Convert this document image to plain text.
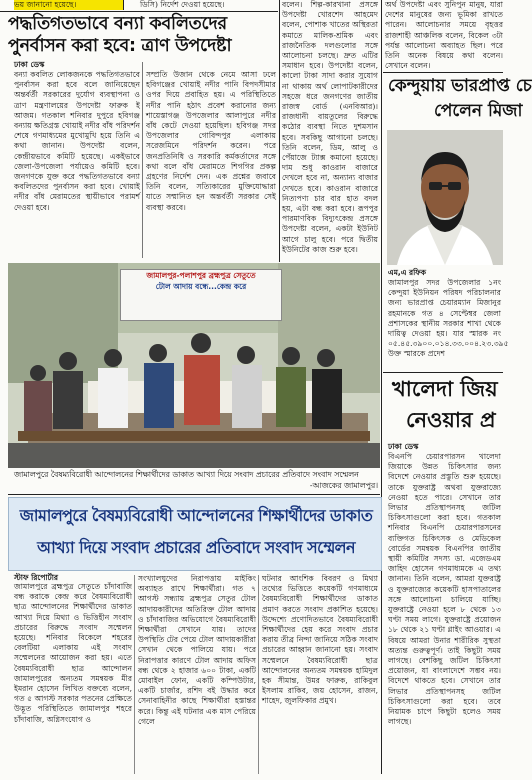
ভয় জানানো হয়েছে।	ডিসি) নির্দেশ দেওয়া হয়েছে।
পদ্ধতিগতভাবে বন্যা কবলিতদের
পুনর্বাসন করা হবে: ত্রাণ উপদেষ্টা
ঢাকা ডেস্ক
বন্যা কবলিত লোকজনকে পদ্ধতিগতভাবে পুনর্বাসন করা হবে বলে জানিয়েছেন অন্তর্বর্তী সরকারের দুর্যোগ ব্যবস্থাপনা ও ত্রাণ মন্ত্রণালয়ের উপদেষ্টা ফারুক ই আজম। গতকাল শনিবার দুপুরে হবিগঞ্জ বন্যায় ক্ষতিগ্রস্ত খোয়াই নদীর বাঁধ পরিদর্শন শেষে গণমাধ্যমের মুখোমুখি হয়ে তিনি এ কথা জানান। উপদেষ্টা বলেন, কেন্দ্রীয়ভাবে কমিটি হয়েছে। একইভাবে জেলা-উপজেলা পর্যায়েও কমিটি হবে। জনগণকে যুক্ত করে পদ্ধতিগতভাবে বন্যা কবলিতদের পুনর্বাসন করা হবে। খোয়াই নদীর বাঁধ মেরামতের স্থায়ীভাবে পরামর্শ দেওয়া হবে।
সম্প্রতি উজান থেকে নেমে আসা ঢলে হবিগঞ্জের খোয়াই নদীর পানি বিপদসীমার ওপর দিয়ে প্রবাহিত হয়। এ পরিস্থিতিতে নদীর পানি হঠাৎ প্রবেশ করানোর জন্য শায়েস্তাগঞ্জ উপজেলার আলাপুরে নদীর বাঁধ কেটে দেওয়া হয়েছিল। হবিগঞ্জ সদর উপজেলার গোবিন্দপুর এলাকায় সরেজমিনে পরিদর্শন করেন। পরে জনপ্রতিনিধি ও সরকারি কর্মকর্তাদের সঙ্গে কথা বলে বাঁধ মেরামতে শিগগির প্রকল্প গ্রহণের নির্দেশ দেন। এক প্রশ্নের জবাবে তিনি বলেন, সত্যিকারের মুক্তিযোদ্ধারা যাতে সম্মানিত হন অন্তর্বর্তী সরকার সেই ব্যবস্থা করবে।
বলেন। শিল্প-কারখানা প্রসঙ্গে উপদেষ্টা খোরশেদ আহমেদ বলেন, পোশাক খাতের অস্থিরতা কমাতে মালিক-শ্রমিক এবং রাজনৈতিক দলগুলোর সঙ্গে আলোচনা চলছে। দ্রুত এটির সমাধান হবে। উপদেষ্টা বলেন, কালো টাকা সাদা করার সুযোগ না থাকায় অর্থ লোপাটকারীদের সহজে ধরে জনগণের জাতীয় রাজস্ব বোর্ড (এনবিআর)। রাজধানী বায়তুলের বিরুদ্ধে কঠোর ব্যবস্থা নিতে দুশমসান হবে। সবকিছু আগানো চলছে। তিনি বলেন, ডিম, আলু ও পেঁয়াজে ট্যাক্স কমানো হয়েছে। দাম শুধু কাওরান বাজারে দেখলে হবে না, অন্যান্য বাজার দেখতে হবে। কাওরান বাজারে নিত্যপণ্য চার বার হাত বদল হয়, এটা বন্ধ করা হবে। রূপপুর পারমাণবিক বিদ্যুৎকেন্দ্র প্রসঙ্গে উপদেষ্টা বলেন, একটা ইউনিট আগে চালু হবে। পরে দ্বিতীয় ইউনিটের কাজ শুরু হবে।
অর্থ উপদেষ্টা এবং সুনিপুন মানুষ, যারা দেশের মানুষের জন্য ভূমিকা রাখতে পারেন। আলোচনার সময়ে বৃহত্তর রাজশাহী আঞ্চলিক বলেন, বিকেল ৩টা পর্যন্ত আলোচনা অব্যাহত ছিল। পরে তিনি অনেক বিষয়ে কথা বলেন। সেখানে বলেন।
কেন্দুয়ায় ভারপ্রাপ্ত চে
পেলেন মিজা
এম,এ রফিক
জামালপুর সদর উপজেলার ১নং কেন্দুয়া ইউনিয়ন পরিষদ পরিচালনার জন্য ভারপ্রাপ্ত চেয়ারম্যান মিজানুর রহমানকে গত ৪ সেপ্টেম্বর জেলা প্রশাসকের স্থানীয় সরকার শাখা থেকে দায়িত্ব দেওয়া হয়। যার স্মারক নং ০৫.৪৫.৩৯০০.০১৪.৩৩.০০৪.২৩.৩৯৫ উক্ত স্মারকে প্রদেশ
খালেদা জিয়
নেওয়ার প্র
ঢাকা ডেস্ক
বিএনপি চেয়ারপারসন খালেদা জিয়াকে উন্নত চিকিৎসার জন্য বিদেশে নেওয়ার প্রস্তুতি শুরু হয়েছে। তাকে যুক্তরাষ্ট্র অথবা যুক্তরাজ্যে নেওয়া হতে পারে। সেখানে তার লিভার প্রতিস্থাপনসহ জটিল চিকিৎসাগুলো করা হবে। গতকাল শনিবার বিএনপি চেয়ারপারসনের ব্যক্তিগত চিকিৎসক ও মেডিকেল বোর্ডের সমন্বয়ক বিএনপির জাতীয় স্থায়ী কমিটির সদস্য ডা. এজেডএম জাহিদ হোসেন গণমাধ্যমকে এ তথ্য জানান। তিনি বলেন, আমরা যুক্তরাষ্ট্র ও যুক্তরাজ্যের কয়েকটি হাসপাতালের সঙ্গে আলোচনা চালিয়ে যাচ্ছি। যুক্তরাষ্ট্রে নেওয়া হলে ৮ থেকে ১৩ ঘণ্টা সময় লাগে। যুক্তরাষ্ট্রে প্রয়োজন ১৮ থেকে ২১ ঘণ্টা গ্লাইং আওয়ার। এ বিষয়ে আমরা উনার শারীরিক সুস্থতা অত্যন্ত গুরুত্বপূর্ণ। তাই কিছুটা সময় লাগছে। বেশকিছু জটিল চিকিৎসা প্রয়োজন, যা বাংলাদেশে সম্ভব নয়। বিদেশে থাকতে হবে। সেখানে তার লিভার প্রতিস্থাপনসহ জটিল চিকিৎসাগুলো করা হবে। তবে নিয়ামক চাপে কিছুটা হলেও সময় লাগছে।
জামালপুর-পলাশপুর ব্রহ্মপুত্র সেতুতে
টোল আদায় বন্ধে...কেন্দ্র করে
জামালপুরে বৈষম্যবিরোধী আন্দোলনের শিক্ষার্থীদের ডাকাত আখ্যা দিয়ে সংবাদ প্রচারের প্রতিবাদে সংবাদ সম্মেলন
-আজকের জামালপুর।
জামালপুরে বৈষম্যবিরোধী আন্দোলনের শিক্ষার্থীদের ডাকাত
আখ্যা দিয়ে সংবাদ প্রচারের প্রতিবাদে সংবাদ সম্মেলন
স্টাফ রিপোর্টার
জামালপুরে ব্রহ্মপুত্র সেতুতে চাঁদাবাজি বন্ধ করাকে কেন্দ্র করে বৈষম্যবিরোধী ছাত্র আন্দোলনের শিক্ষার্থীদের ডাকাত আখ্যা দিয়ে মিথ্যা ও ভিত্তিহীন সংবাদ প্রচারের বিরুদ্ধে সংবাদ সম্মেলন হয়েছে। শনিবার বিকেলে শহরের বেলটিয়া এলাকায় এই সংবাদ সম্মেলনের আয়োজন করা হয়। এতে বৈষম্যবিরোধী ছাত্র আন্দোলন জামালপুরের অন্যতম সমন্বয়ক মীর ইমরান হোসেন লিখিত বক্তব্যে বলেন, গত ৫ আগস্ট সরকার পতনের প্রেক্ষিতে উদ্ভূত পরিস্থিতিতে জামালপুর শহরে চাঁদাবাজি, অগ্নিসংযোগ ও
সংখ্যালঘুদের নিরাপত্তায় মাইকিং অব্যাহত রাখে শিক্ষার্থীরা। গত ৭ আগস্ট সন্ধ্যায় ব্রহ্মপুত্র সেতুর টোল আদায়কারীদের অতিরিক্ত টোল আদায় ও চাঁদাবাজির অভিযোগে বৈষম্যবিরোধী শিক্ষার্থীরা সেখানে যায়। তাদের উপস্থিতি টের পেয়ে টোল আদায়কারীরা সেখান থেকে পালিয়ে যায়। পরে নিরাপত্তার কারণে টোল আদায় অফিস বন্ধ থেকে ২ হাজার ৬০০ টাকা, একটি মোবাইল ফোন, একটি কম্পিউটার, একটি চার্জার, রশিদ বই উদ্ধার করে সেনাবাহিনীর কাছে শিক্ষার্থীরা হস্তান্তর করে। কিন্তু এই ঘটনার এক মাস পেরিয়ে গেলে
ঘটনার আংশিক বিবরণ ও মিথ্যা তথ্যের ভিত্তিতে কয়েকটি গণমাধ্যমে বৈষম্যবিরোধী শিক্ষার্থীদের ডাকাত প্রমাণ করতে সংবাদ প্রকাশিত হয়েছে। উদ্দেশ্যে প্রণোদিতভাবে বৈষম্যবিরোধী শিক্ষার্থীদের হেয় করে সংবাদ প্রচার করায় তীব্র নিন্দা জানিয়ে সঠিক সংবাদ প্রচারের আহ্বান জানানো হয়। সংবাদ সম্মেলনে বৈষম্যবিরোধী ছাত্র আন্দোলনের অন্যতম সমন্বয়ক হামিদুল হক সীমান্ত, উমর ফারুক, রাকিবুল ইসলাম রাকিব, জয় হোসেন, রাজন, শাহেদ, জুলফিকার প্রমুখ।
